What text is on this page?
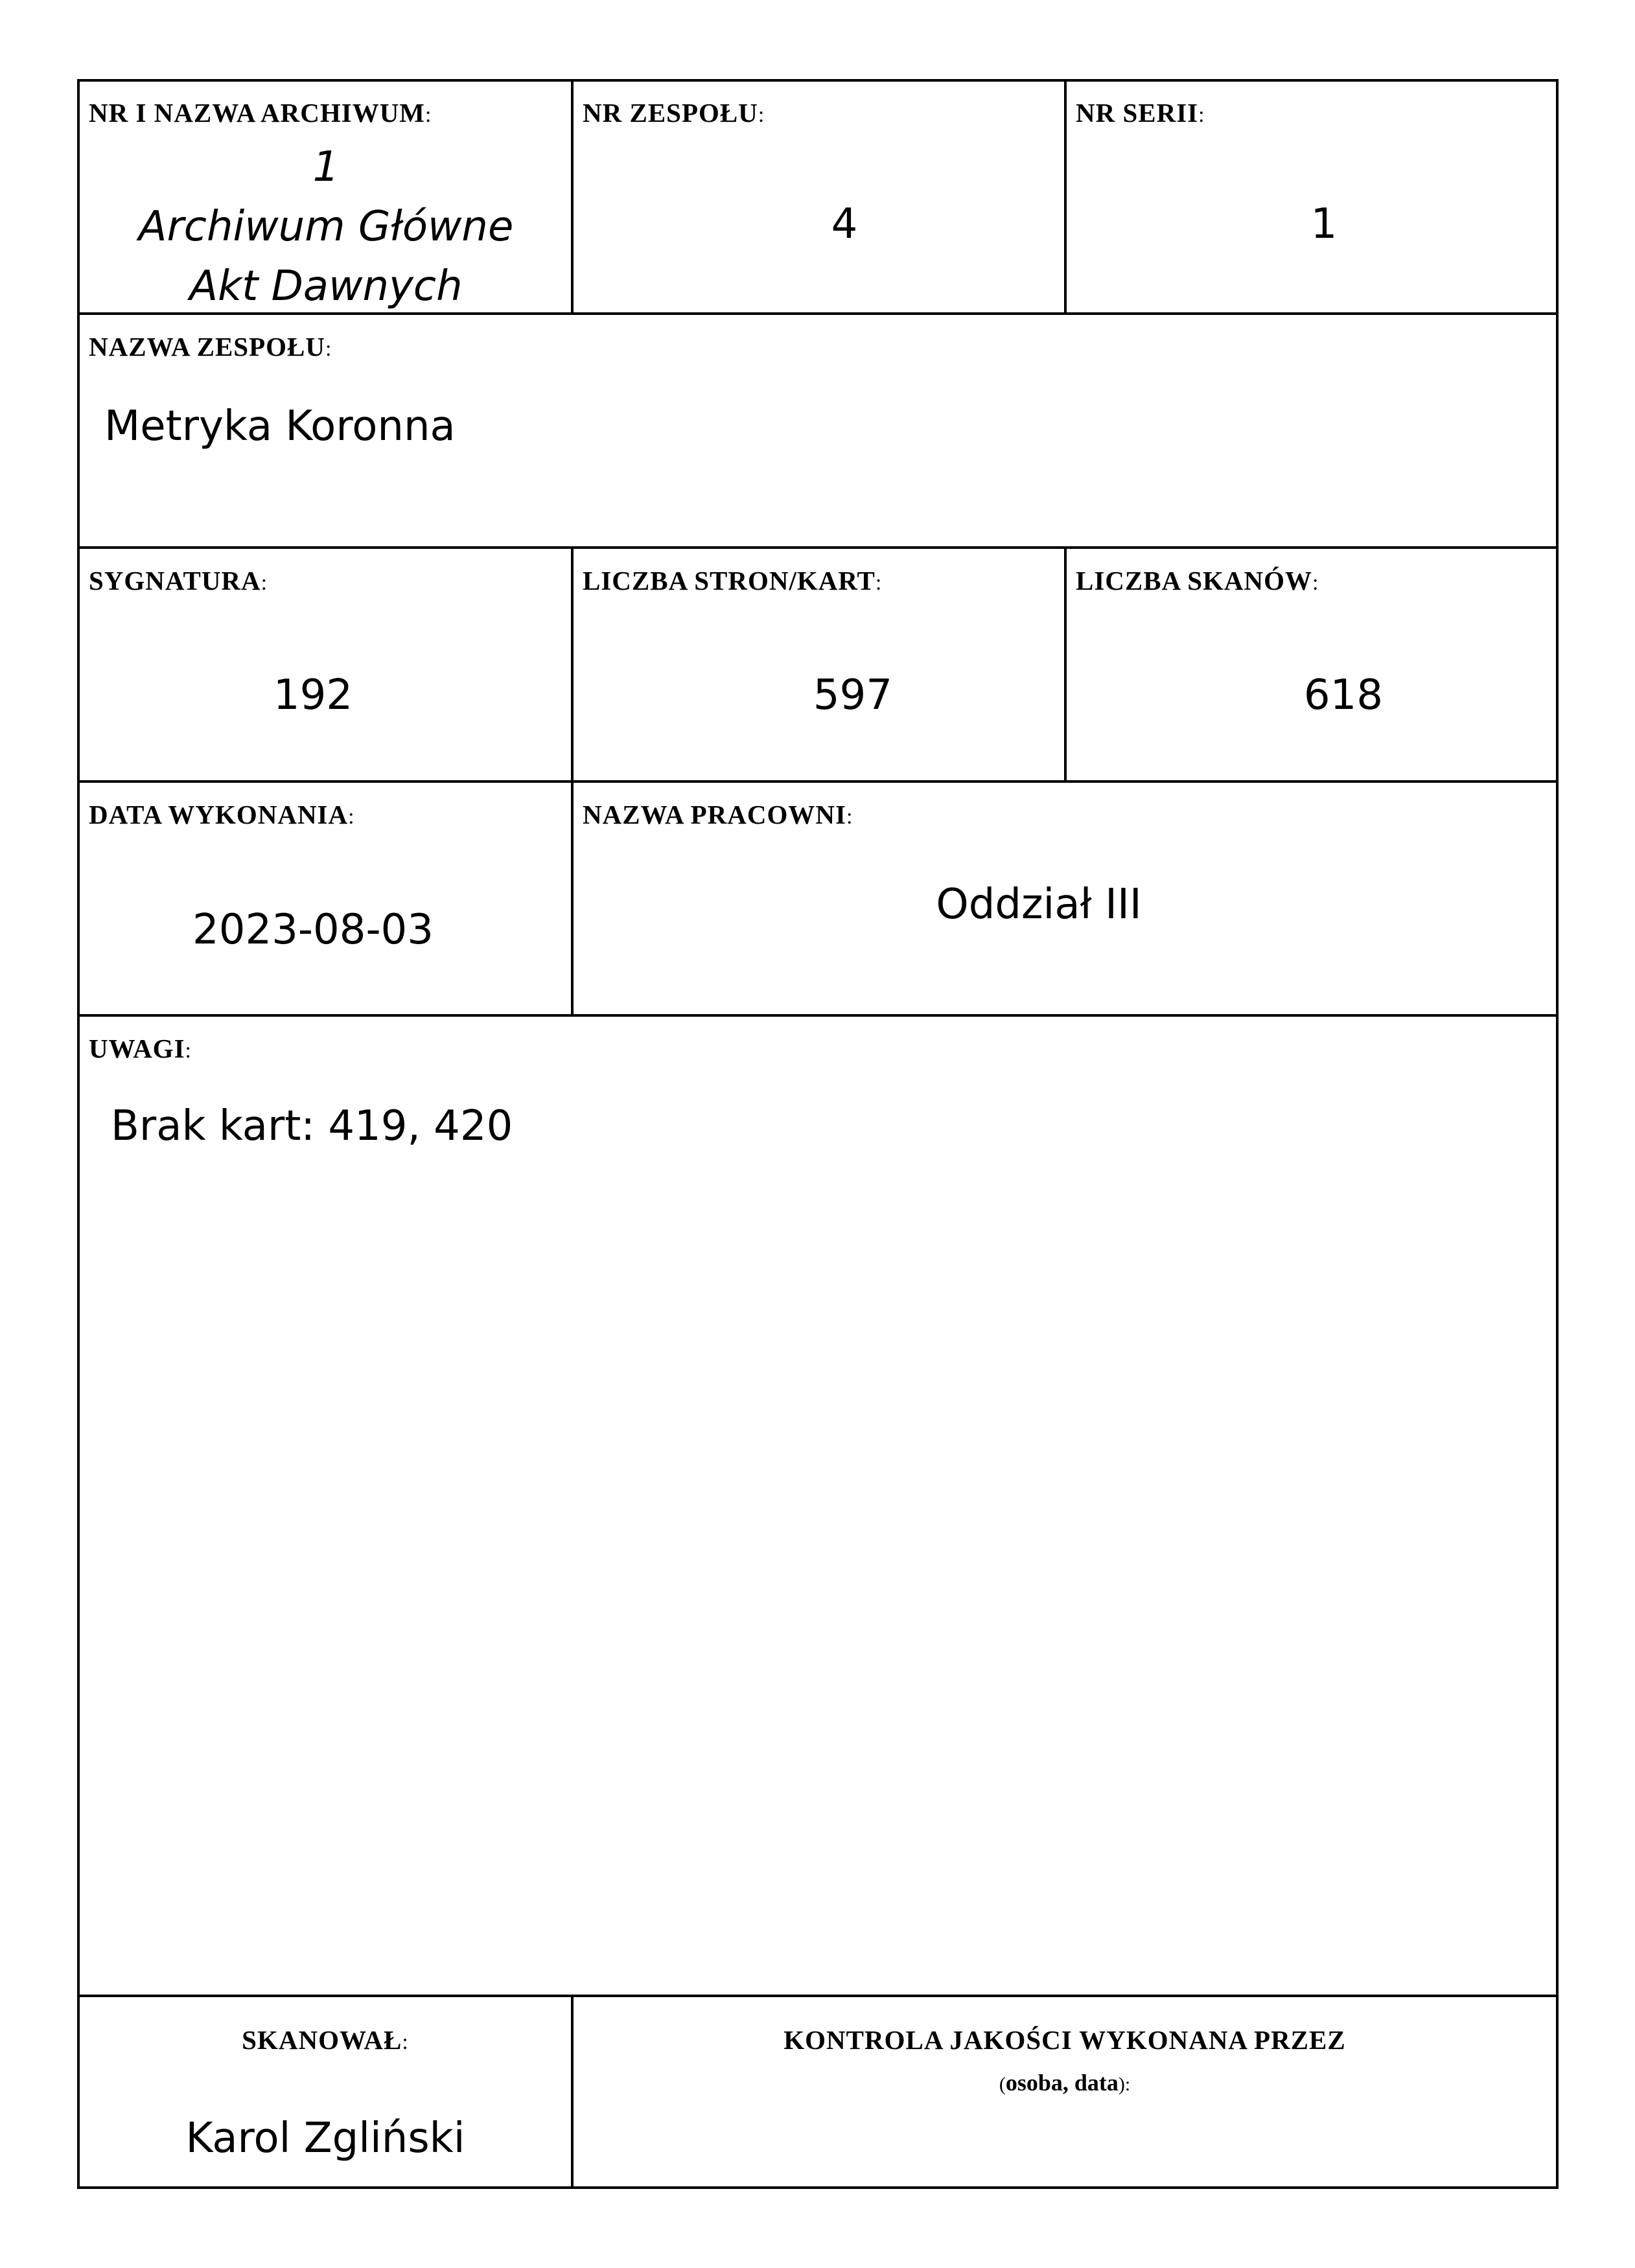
NR I NAZWA ARCHIWUM:
1
Archiwum Główne
Akt Dawnych
NR ZESPOŁU:
4
NR SERII:
1
NAZWA ZESPOŁU:
Metryka Koronna
SYGNATURA:
192
LICZBA STRON/KART:
597
LICZBA SKANÓW:
618
DATA WYKONANIA:
2023-08-03
NAZWA PRACOWNI:
Oddział III
UWAGI:
Brak kart: 419, 420
SKANOWAŁ:
Karol Zgliński
KONTROLA JAKOŚCI WYKONANA PRZEZ
(osoba, data):
